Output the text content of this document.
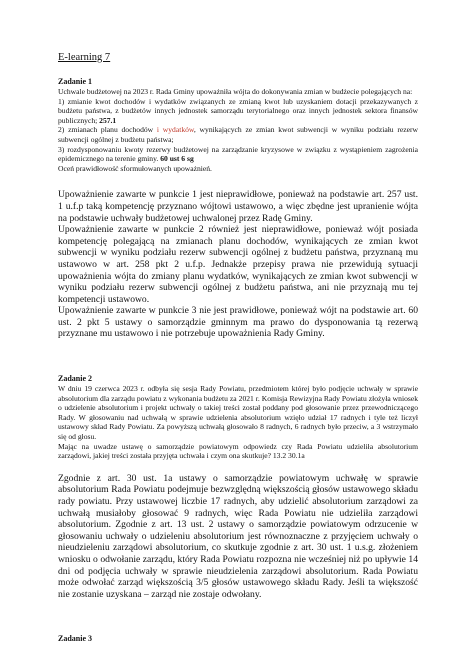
E-learning 7

Zadanie 1

Uchwale budżetowej na 2023 r. Rada Gminy upoważniła wójta do dokonywania zmian w budżecie polegających na:

1) zmianie kwot dochodów i wydatków związanych ze zmianą kwot lub uzyskaniem dotacji przekazywanych z budżetu państwa, z budżetów innych jednostek samorządu terytorialnego oraz innych jednostek sektora finansów publicznych; 257.1

2) zmianach planu dochodów i wydatków, wynikających ze zmian kwot subwencji w wyniku podziału rezerw subwencji ogólnej z budżetu państwa;

3) rozdysponowaniu kwoty rezerwy budżetowej na zarządzanie kryzysowe w związku z wystąpieniem zagrożenia epidemicznego na terenie gminy. 60 ust 6 sg

Oceń prawidłowość sformułowanych upoważnień.

Upoważnienie zawarte w punkcie 1 jest nieprawidłowe, ponieważ na podstawie art. 257 ust. 1 u.f.p taką kompetencję przyznano wójtowi ustawowo, a więc zbędne jest upranienie wójta na podstawie uchwały budżetowej uchwalonej przez Radę Gminy.

Upoważnienie zawarte w punkcie 2 również jest nieprawidłowe, ponieważ wójt posiada kompetencję polegającą na zmianach planu dochodów, wynikających ze zmian kwot subwencji w wyniku podziału rezerw subwencji ogólnej z budżetu państwa, przyznaną mu ustawowo w art. 258 pkt 2 u.f.p. Jednakże przepisy prawa nie przewidują sytuacji upoważnienia wójta do zmiany planu wydatków, wynikających ze zmian kwot subwencji w wyniku podziału rezerw subwencji ogólnej z budżetu państwa, ani nie przyznają mu tej kompetencji ustawowo.

Upoważnienie zawarte w punkcie 3 nie jest prawidłowe, ponieważ wójt na podstawie art. 60 ust. 2 pkt 5 ustawy o samorządzie gminnym ma prawo do dysponowania tą rezerwą przyznane mu ustawowo i nie potrzebuje upoważnienia Rady Gminy.

Zadanie 2

W dniu 19 czerwca 2023 r. odbyła się sesja Rady Powiatu, przedmiotem której było podjęcie uchwały w sprawie absolutorium dla zarządu powiatu z wykonania budżetu za 2021 r. Komisja Rewizyjna Rady Powiatu złożyła wniosek o udzielenie absolutorium i projekt uchwały o takiej treści został poddany pod głosowanie przez przewodniczącego Rady. W głosowaniu nad uchwałą w sprawie udzielenia absolutorium wzięło udział 17 radnych i tyle też liczył ustawowy skład Rady Powiatu. Za powyższą uchwałą głosowało 8 radnych, 6 radnych było przeciw, a 3 wstrzymało się od głosu.

Mając na uwadze ustawę o samorządzie powiatowym odpowiedz czy Rada Powiatu udzieliła absolutorium zarządowi, jakiej treści została przyjęta uchwała i czym ona skutkuje? 13.2 30.1a

Zgodnie z art. 30 ust. 1a ustawy o samorządzie powiatowym uchwałę w sprawie absolutorium Rada Powiatu podejmuje bezwzględną większością głosów ustawowego składu rady powiatu. Przy ustawowej liczbie 17 radnych, aby udzielić absolutorium zarządowi za uchwałą musiałoby głosować 9 radnych, więc Rada Powiatu nie udzieliła zarządowi absolutorium. Zgodnie z art. 13 ust. 2 ustawy o samorządzie powiatowym odrzucenie w głosowaniu uchwały o udzieleniu absolutorium jest równoznaczne z przyjęciem uchwały o nieudzieleniu zarządowi absolutorium, co skutkuje zgodnie z art. 30 ust. 1 u.s.g. złożeniem wniosku o odwołanie zarządu, który Rada Powiatu rozpozna nie wcześniej niż po upływie 14 dni od podjęcia uchwały w sprawie nieudzielenia zarządowi absolutorium. Rada Powiatu może odwołać zarząd większością 3/5 głosów ustawowego składu Rady. Jeśli ta większość nie zostanie uzyskana – zarząd nie zostaje odwołany.

Zadanie 3
